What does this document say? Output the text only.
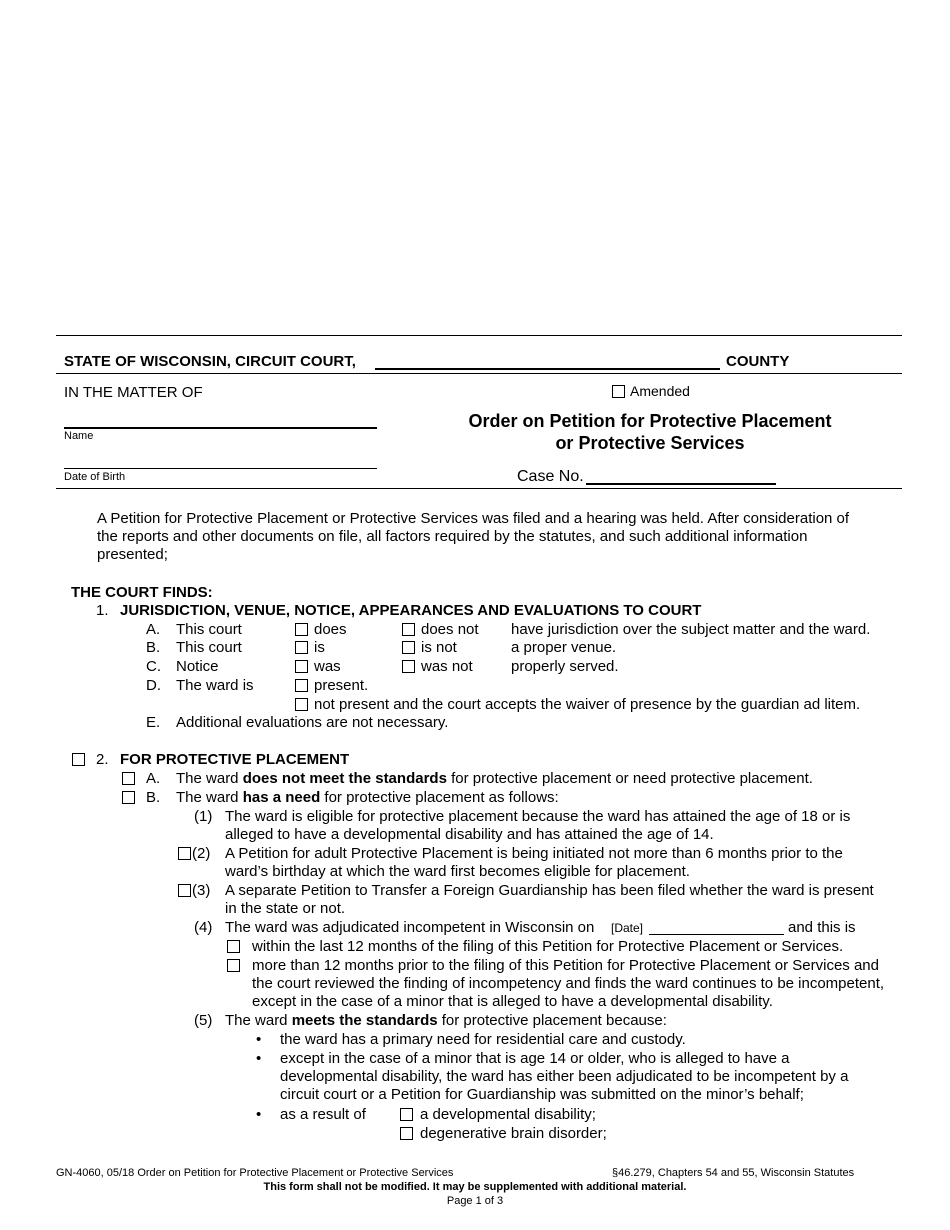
STATE OF WISCONSIN, CIRCUIT COURT,	COUNTY
IN THE MATTER OF	Amended
Order on Petition for Protective Placement
or Protective Services
Name
Date of Birth	Case No.
A Petition for Protective Placement or Protective Services was filed and a hearing was held. After consideration of
the reports and other documents on file, all factors required by the statutes, and such additional information
presented;
THE COURT FINDS:
1. JURISDICTION, VENUE, NOTICE, APPEARANCES AND EVALUATIONS TO COURT
A. This court	does	does not have jurisdiction over the subject matter and the ward.
B. This court	is	is not	a proper venue.
C. Notice	was	was not	properly served.
D. The ward is	present.
not present and the court accepts the waiver of presence by the guardian ad litem.
E. Additional evaluations are not necessary.
2. FOR PROTECTIVE PLACEMENT
A. The ward does not meet the standards for protective placement or need protective placement.
B. The ward has a need for protective placement as follows:
(1) The ward is eligible for protective placement because the ward has attained the age of 18 or is
alleged to have a developmental disability and has attained the age of 14.
(2) A Petition for adult Protective Placement is being initiated not more than 6 months prior to the
ward’s birthday at which the ward first becomes eligible for placement.
(3) A separate Petition to Transfer a Foreign Guardianship has been filed whether the ward is present
in the state or not.
(4) The ward was adjudicated incompetent in Wisconsin on [Date]	and this is
within the last 12 months of the filing of this Petition for Protective Placement or Services.
more than 12 months prior to the filing of this Petition for Protective Placement or Services and
the court reviewed the finding of incompetency and finds the ward continues to be incompetent,
except in the case of a minor that is alleged to have a developmental disability.
(5) The ward meets the standards for protective placement because:
• the ward has a primary need for residential care and custody.
• except in the case of a minor that is age 14 or older, who is alleged to have a
developmental disability, the ward has either been adjudicated to be incompetent by a
circuit court or a Petition for Guardianship was submitted on the minor’s behalf;
• as a result of	a developmental disability;
degenerative brain disorder;
GN-4060, 05/18 Order on Petition for Protective Placement or Protective Services	§46.279, Chapters 54 and 55, Wisconsin Statutes
This form shall not be modified. It may be supplemented with additional material.
Page 1 of 3
